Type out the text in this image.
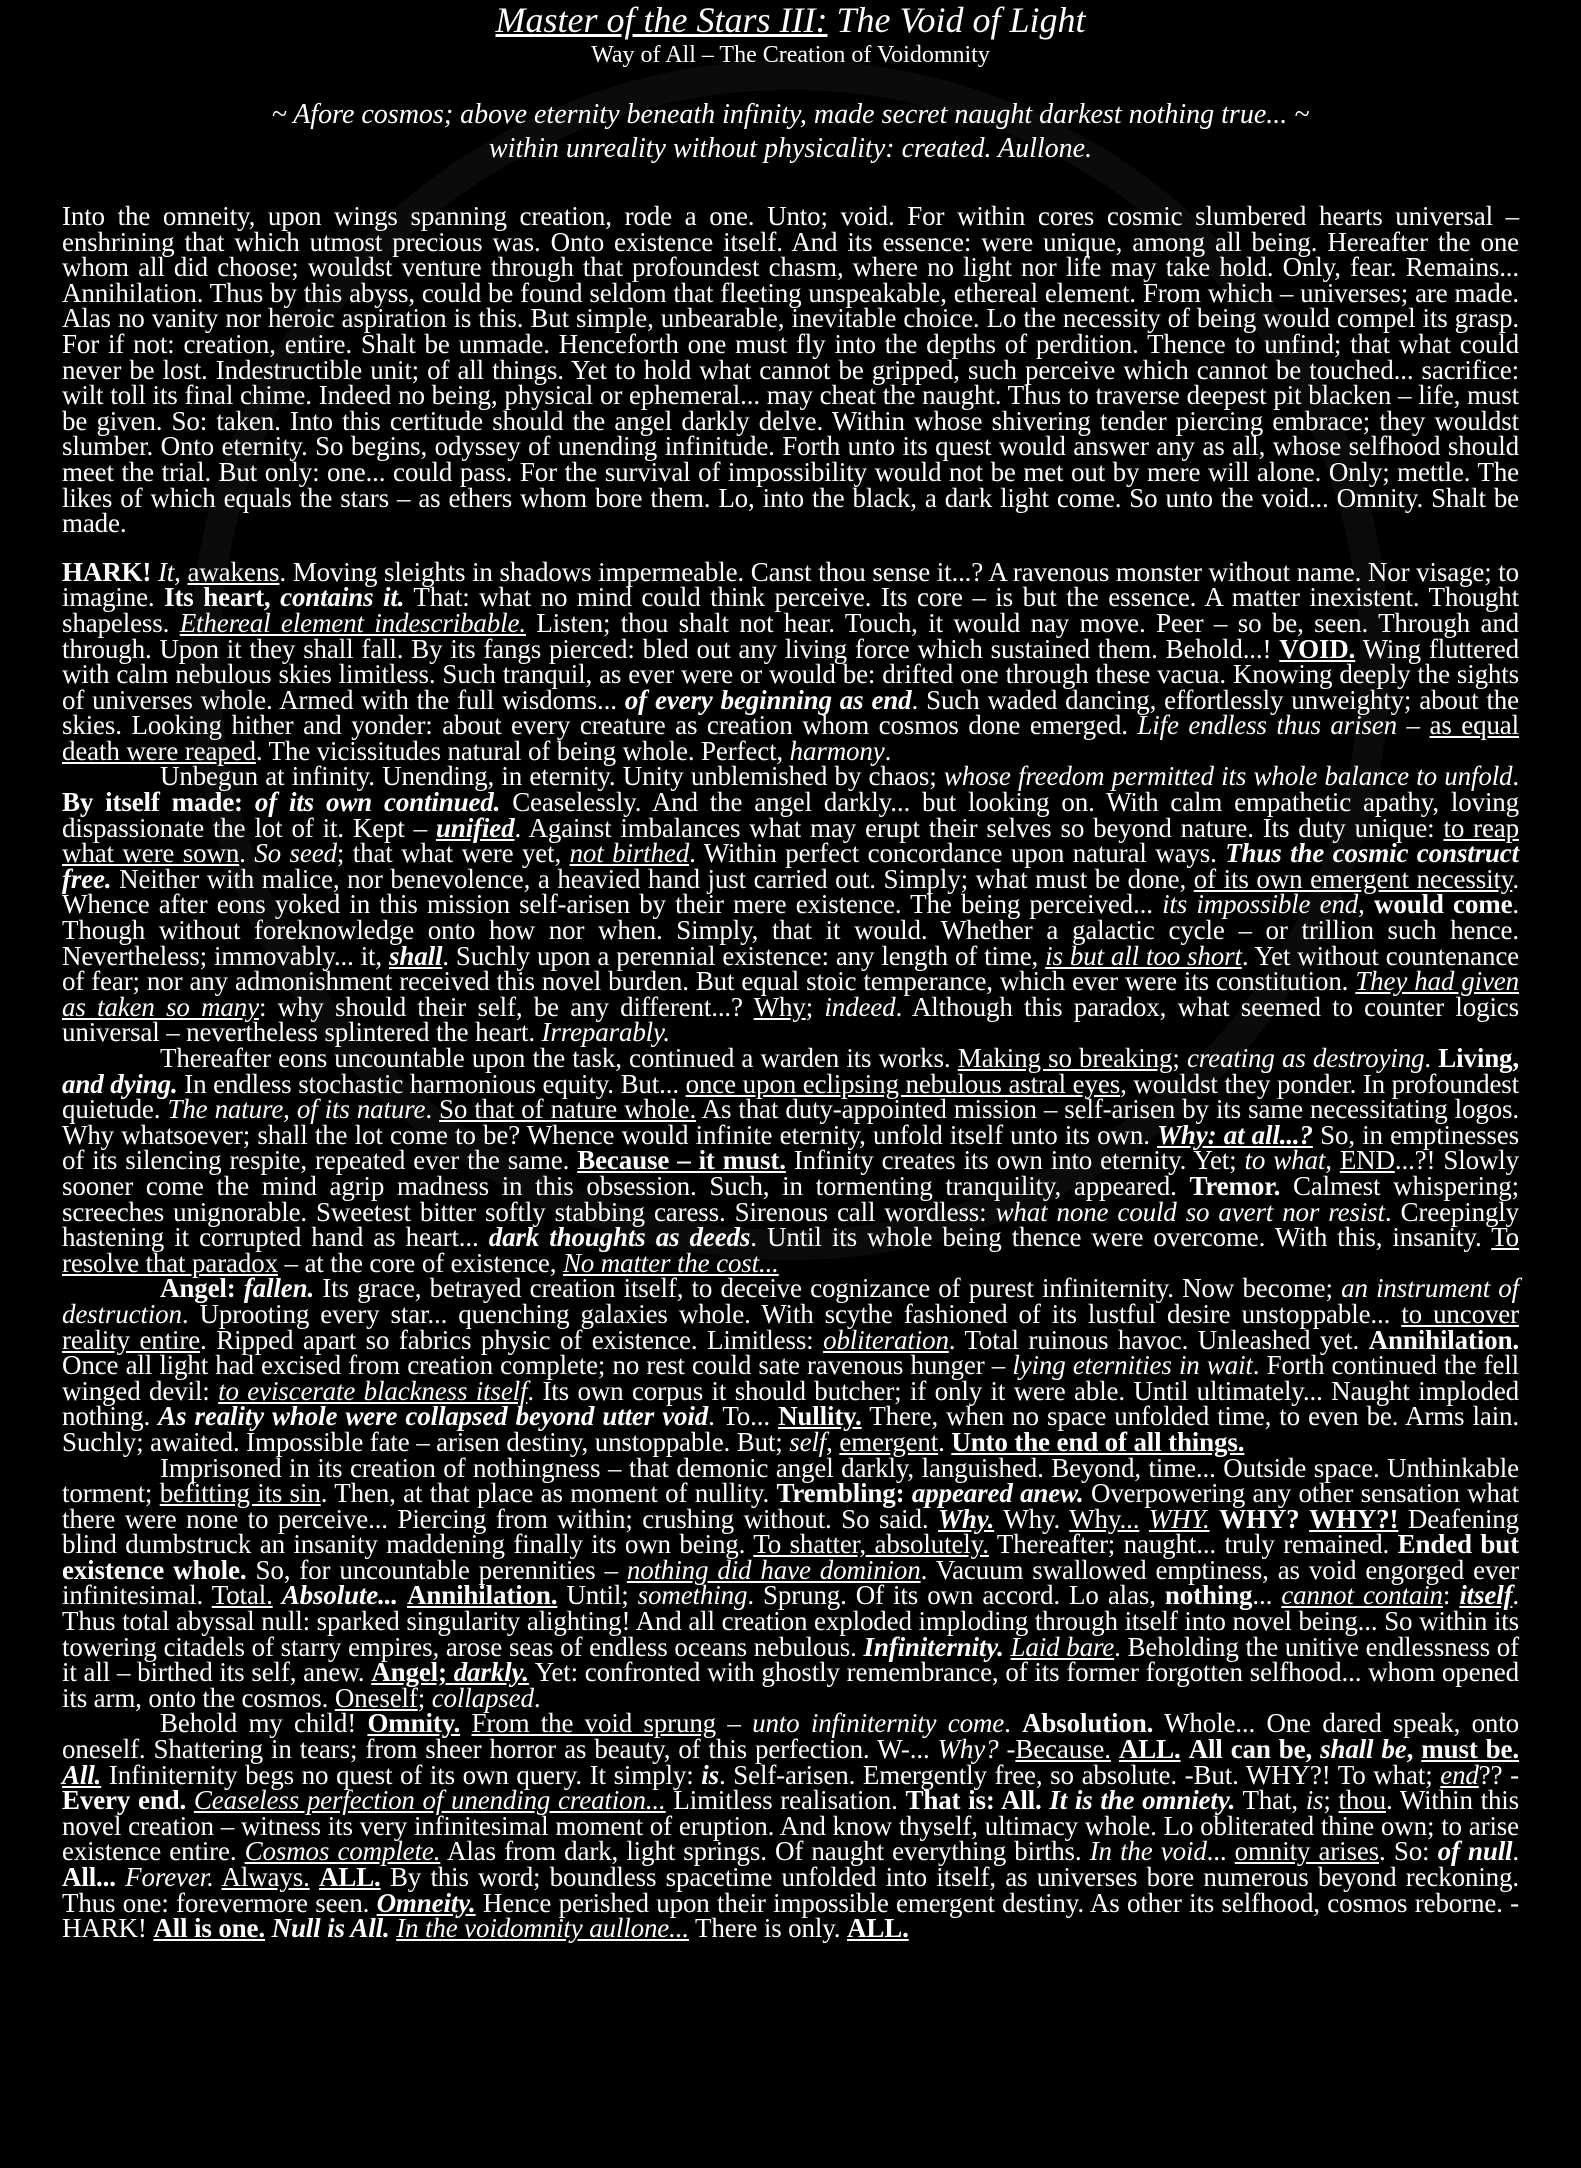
Master of the Stars III: The Void of Light

Way of All – The Creation of Voidomnity

~ Afore cosmos; above eternity beneath infinity, made secret naught darkest nothing true... ~
within unreality without physicality: created. Aullone.

Into the omneity, upon wings spanning creation, rode a one. Unto; void. For within cores cosmic slumbered hearts universal – enshrining that which utmost precious was. Onto existence itself. And its essence: were unique, among all being. Hereafter the one whom all did choose; wouldst venture through that profoundest chasm, where no light nor life may take hold. Only, fear. Remains... Annihilation. Thus by this abyss, could be found seldom that fleeting unspeakable, ethereal element. From which – universes; are made. Alas no vanity nor heroic aspiration is this. But simple, unbearable, inevitable choice. Lo the necessity of being would compel its grasp. For if not: creation, entire. Shalt be unmade. Henceforth one must fly into the depths of perdition. Thence to unfind; that what could never be lost. Indestructible unit; of all things. Yet to hold what cannot be gripped, such perceive which cannot be touched... sacrifice: wilt toll its final chime. Indeed no being, physical or ephemeral... may cheat the naught. Thus to traverse deepest pit blacken – life, must be given. So: taken. Into this certitude should the angel darkly delve. Within whose shivering tender piercing embrace; they wouldst slumber. Onto eternity. So begins, odyssey of unending infinitude. Forth unto its quest would answer any as all, whose selfhood should meet the trial. But only: one... could pass. For the survival of impossibility would not be met out by mere will alone. Only; mettle. The likes of which equals the stars – as ethers whom bore them. Lo, into the black, a dark light come. So unto the void... Omnity. Shalt be made.

HARK! It, awakens. Moving sleights in shadows impermeable. Canst thou sense it...? A ravenous monster without name. Nor visage; to imagine. Its heart, contains it. That: what no mind could think perceive. Its core – is but the essence. A matter inexistent. Thought shapeless. Ethereal element indescribable. Listen; thou shalt not hear. Touch, it would nay move. Peer – so be, seen. Through and through. Upon it they shall fall. By its fangs pierced: bled out any living force which sustained them. Behold...! VOID. Wing fluttered with calm nebulous skies limitless. Such tranquil, as ever were or would be: drifted one through these vacua. Knowing deeply the sights of universes whole. Armed with the full wisdoms... of every beginning as end. Such waded dancing, effortlessly unweighty; about the skies. Looking hither and yonder: about every creature as creation whom cosmos done emerged. Life endless thus arisen – as equal death were reaped. The vicissitudes natural of being whole. Perfect, harmony.

Unbegun at infinity. Unending, in eternity. Unity unblemished by chaos; whose freedom permitted its whole balance to unfold. By itself made: of its own continued. Ceaselessly. And the angel darkly... but looking on. With calm empathetic apathy, loving dispassionate the lot of it. Kept – unified. Against imbalances what may erupt their selves so beyond nature. Its duty unique: to reap what were sown. So seed; that what were yet, not birthed. Within perfect concordance upon natural ways. Thus the cosmic construct free. Neither with malice, nor benevolence, a heavied hand just carried out. Simply; what must be done, of its own emergent necessity. Whence after eons yoked in this mission self-arisen by their mere existence. The being perceived... its impossible end, would come. Though without foreknowledge onto how nor when. Simply, that it would. Whether a galactic cycle – or trillion such hence. Nevertheless; immovably... it, shall. Suchly upon a perennial existence: any length of time, is but all too short. Yet without countenance of fear; nor any admonishment received this novel burden. But equal stoic temperance, which ever were its constitution. They had given as taken so many: why should their self, be any different...? Why; indeed. Although this paradox, what seemed to counter logics universal – nevertheless splintered the heart. Irreparably.

Thereafter eons uncountable upon the task, continued a warden its works. Making so breaking; creating as destroying. Living, and dying. In endless stochastic harmonious equity. But... once upon eclipsing nebulous astral eyes, wouldst they ponder. In profoundest quietude. The nature, of its nature. So that of nature whole. As that duty-appointed mission – self-arisen by its same necessitating logos. Why whatsoever; shall the lot come to be? Whence would infinite eternity, unfold itself unto its own. Why: at all...? So, in emptinesses of its silencing respite, repeated ever the same. Because – it must. Infinity creates its own into eternity. Yet; to what, END...?! Slowly sooner come the mind agrip madness in this obsession. Such, in tormenting tranquility, appeared. Tremor. Calmest whispering; screeches unignorable. Sweetest bitter softly stabbing caress. Sirenous call wordless: what none could so avert nor resist. Creepingly hastening it corrupted hand as heart... dark thoughts as deeds. Until its whole being thence were overcome. With this, insanity. To resolve that paradox – at the core of existence, No matter the cost...

Angel: fallen. Its grace, betrayed creation itself, to deceive cognizance of purest infiniternity. Now become; an instrument of destruction. Uprooting every star... quenching galaxies whole. With scythe fashioned of its lustful desire unstoppable... to uncover reality entire. Ripped apart so fabrics physic of existence. Limitless: obliteration. Total ruinous havoc. Unleashed yet. Annihilation. Once all light had excised from creation complete; no rest could sate ravenous hunger – lying eternities in wait. Forth continued the fell winged devil: to eviscerate blackness itself. Its own corpus it should butcher; if only it were able. Until ultimately... Naught imploded nothing. As reality whole were collapsed beyond utter void. To... Nullity. There, when no space unfolded time, to even be. Arms lain. Suchly; awaited. Impossible fate – arisen destiny, unstoppable. But; self, emergent. Unto the end of all things.

Imprisoned in its creation of nothingness – that demonic angel darkly, languished. Beyond, time... Outside space. Unthinkable torment; befitting its sin. Then, at that place as moment of nullity. Trembling: appeared anew. Overpowering any other sensation what there were none to perceive... Piercing from within; crushing without. So said. Why. Why. Why... WHY. WHY? WHY?! Deafening blind dumbstruck an insanity maddening finally its own being. To shatter, absolutely. Thereafter; naught... truly remained. Ended but existence whole. So, for uncountable perennities – nothing did have dominion. Vacuum swallowed emptiness, as void engorged ever infinitesimal. Total. Absolute... Annihilation. Until; something. Sprung. Of its own accord. Lo alas, nothing... cannot contain: itself. Thus total abyssal null: sparked singularity alighting! And all creation exploded imploding through itself into novel being... So within its towering citadels of starry empires, arose seas of endless oceans nebulous. Infiniternity. Laid bare. Beholding the unitive endlessness of it all – birthed its self, anew. Angel; darkly. Yet: confronted with ghostly remembrance, of its former forgotten selfhood... whom opened its arm, onto the cosmos. Oneself; collapsed.

Behold my child! Omnity. From the void sprung – unto infiniternity come. Absolution. Whole... One dared speak, onto oneself. Shattering in tears; from sheer horror as beauty, of this perfection. W-... Why? -Because. ALL. All can be, shall be, must be. All. Infiniternity begs no quest of its own query. It simply: is. Self-arisen. Emergently free, so absolute. -But. WHY?! To what; end?? -Every end. Ceaseless perfection of unending creation... Limitless realisation. That is: All. It is the omniety. That, is; thou. Within this novel creation – witness its very infinitesimal moment of eruption. And know thyself, ultimacy whole. Lo obliterated thine own; to arise existence entire. Cosmos complete. Alas from dark, light springs. Of naught everything births. In the void... omnity arises. So: of null. All... Forever. Always. ALL. By this word; boundless spacetime unfolded into itself, as universes bore numerous beyond reckoning. Thus one: forevermore seen. Omneity. Hence perished upon their impossible emergent destiny. As other its selfhood, cosmos reborne. -HARK! All is one. Null is All. In the voidomnity aullone... There is only. ALL.
